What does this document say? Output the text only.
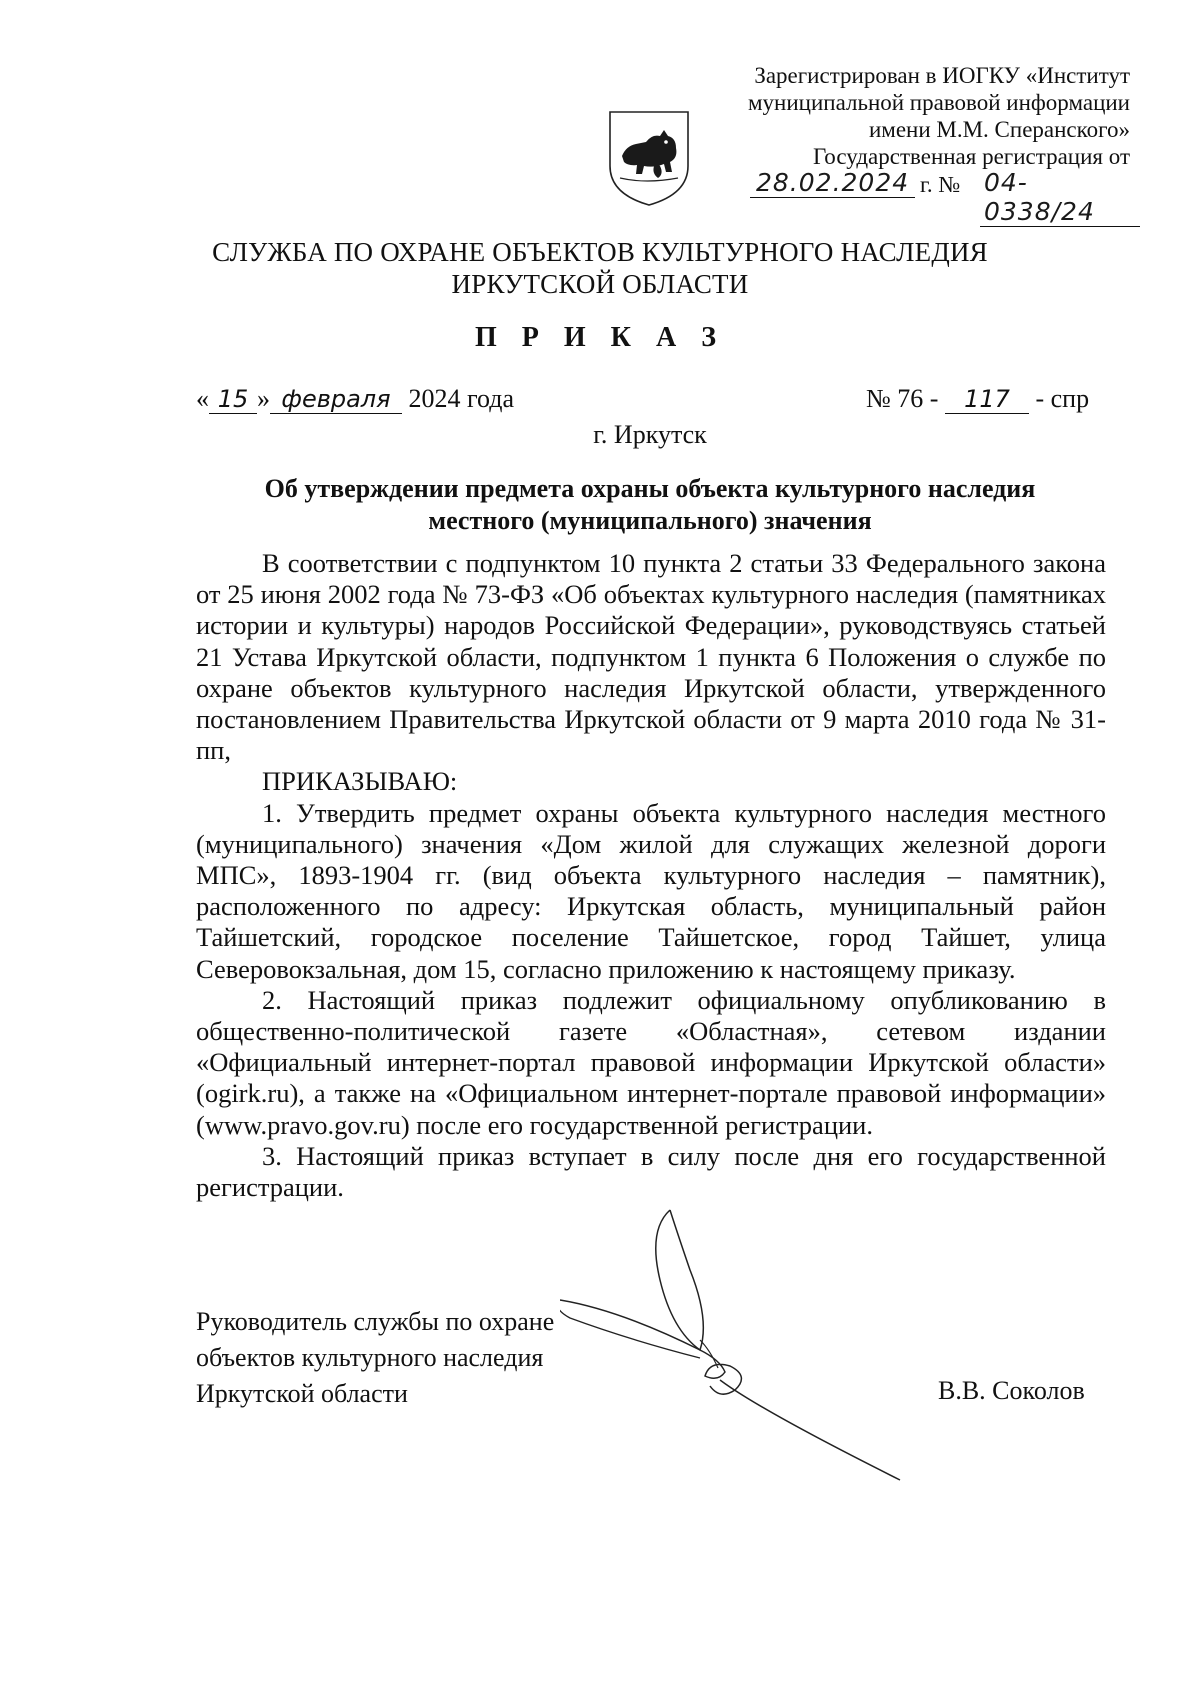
Зарегистрирован в ИОГКУ «Институт
муниципальной правовой информации
имени М.М. Сперанского»
Государственная регистрация от
28.02.2024 г. № 04-0338/24
СЛУЖБА ПО ОХРАНЕ ОБЪЕКТОВ КУЛЬТУРНОГО НАСЛЕДИЯ
ИРКУТСКОЙ ОБЛАСТИ
П Р И К А З
« 15 » февраля 2024 года	№ 76 - 117 - спр
г. Иркутск
Об утверждении предмета охраны объекта культурного наследия
местного (муниципального) значения

В соответствии с подпунктом 10 пункта 2 статьи 33 Федерального закона от 25 июня 2002 года № 73-ФЗ «Об объектах культурного наследия (памятниках истории и культуры) народов Российской Федерации», руководствуясь статьей 21 Устава Иркутской области, подпунктом 1 пункта 6 Положения о службе по охране объектов культурного наследия Иркутской области, утвержденного постановлением Правительства Иркутской области от 9 марта 2010 года № 31-пп,

ПРИКАЗЫВАЮ:

1. Утвердить предмет охраны объекта культурного наследия местного (муниципального) значения «Дом жилой для служащих железной дороги МПС», 1893-1904 гг. (вид объекта культурного наследия – памятник), расположенного по адресу: Иркутская область, муниципальный район Тайшетский, городское поселение Тайшетское, город Тайшет, улица Северовокзальная, дом 15, согласно приложению к настоящему приказу.

2. Настоящий приказ подлежит официальному опубликованию в общественно-политической газете «Областная», сетевом издании «Официальный интернет-портал правовой информации Иркутской области» (ogirk.ru), а также на «Официальном интернет-портале правовой информации» (www.pravo.gov.ru) после его государственной регистрации.

3. Настоящий приказ вступает в силу после дня его государственной регистрации.

Руководитель службы по охране
объектов культурного наследия
Иркутской области	В.В. Соколов
